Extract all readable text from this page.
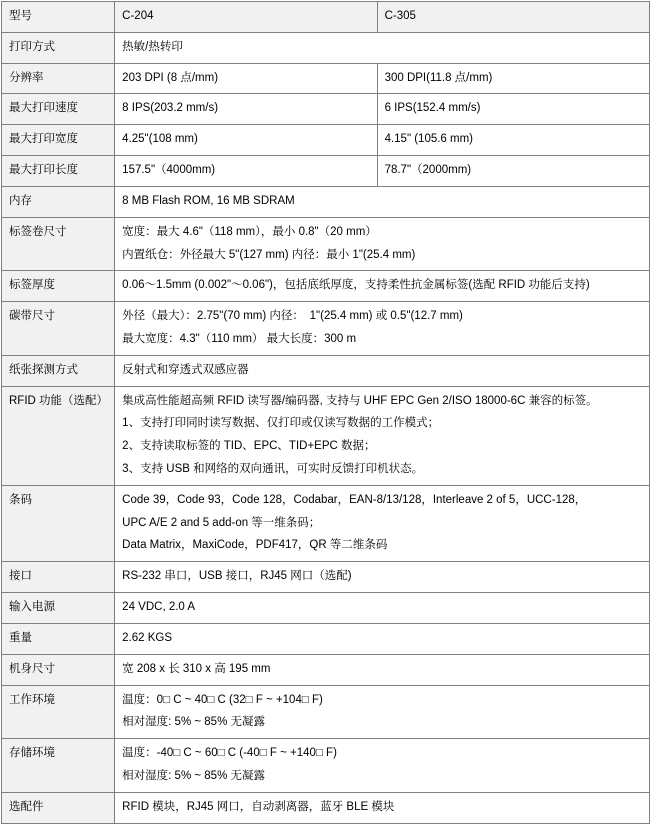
型号	C-204	C-305
打印方式	热敏/热转印	

分辨率	203 DPI (8 点/mm)	300 DPI(11.8 点/mm)

最大打印速度	8 IPS(203.2 mm/s)	6 IPS(152.4 mm/s)

最大打印宽度	4.25"(108 mm)	4.15" (105.6 mm)

最大打印长度	157.5"（4000mm)	78.7"（2000mm)

内存	8 MB Flash ROM, 16 MB SDRAM	

标签卷尺寸	宽度：最大 4.6"（118 mm），最小 0.8"（20 mm）
内置纸仓：外径最大 5"(127 mm) 内径：最小 1"(25.4 mm)	

标签厚度	0.06～1.5mm (0.002"～0.06")，包括底纸厚度，支持柔性抗金属标签(选配 RFID 功能后支持)	

碳带尺寸	外径（最大）：2.75"(70 mm) 内径：　1"(25.4 mm) 或 0.5"(12.7 mm)
最大宽度：4.3"（110 mm） 最大长度：300 m	

纸张探测方式	反射式和穿透式双感应器	

RFID 功能（选配）	集成高性能超高频 RFID 读写器/编码器, 支持与 UHF EPC Gen 2/ISO 18000-6C 兼容的标签。
1、支持打印同时读写数据、仅打印或仅读写数据的工作模式；
2、支持读取标签的 TID、EPC、TID+EPC 数据；
3、支持 USB 和网络的双向通讯，可实时反馈打印机状态。	

条码	Code 39，Code 93，Code 128，Codabar，EAN-8/13/128，Interleave 2 of 5，UCC-128，
UPC A/E 2 and 5 add-on 等一维条码；
Data Matrix，MaxiCode，PDF417，QR 等二维条码	

接口	RS-232 串口，USB 接口，RJ45 网口（选配)	

输入电源	24 VDC, 2.0 A	

重量	2.62 KGS	

机身尺寸	宽 208 x 长 310 x 高 195 mm	

工作环境	温度：0□ C ~ 40□ C (32□ F ~ +104□ F)
相对湿度: 5% ~ 85% 无凝露	

存储环境	温度：-40□ C ~ 60□ C (-40□ F ~ +140□ F)
相对湿度: 5% ~ 85% 无凝露	

选配件	RFID 模块，RJ45 网口，自动剥离器，蓝牙 BLE 模块	
